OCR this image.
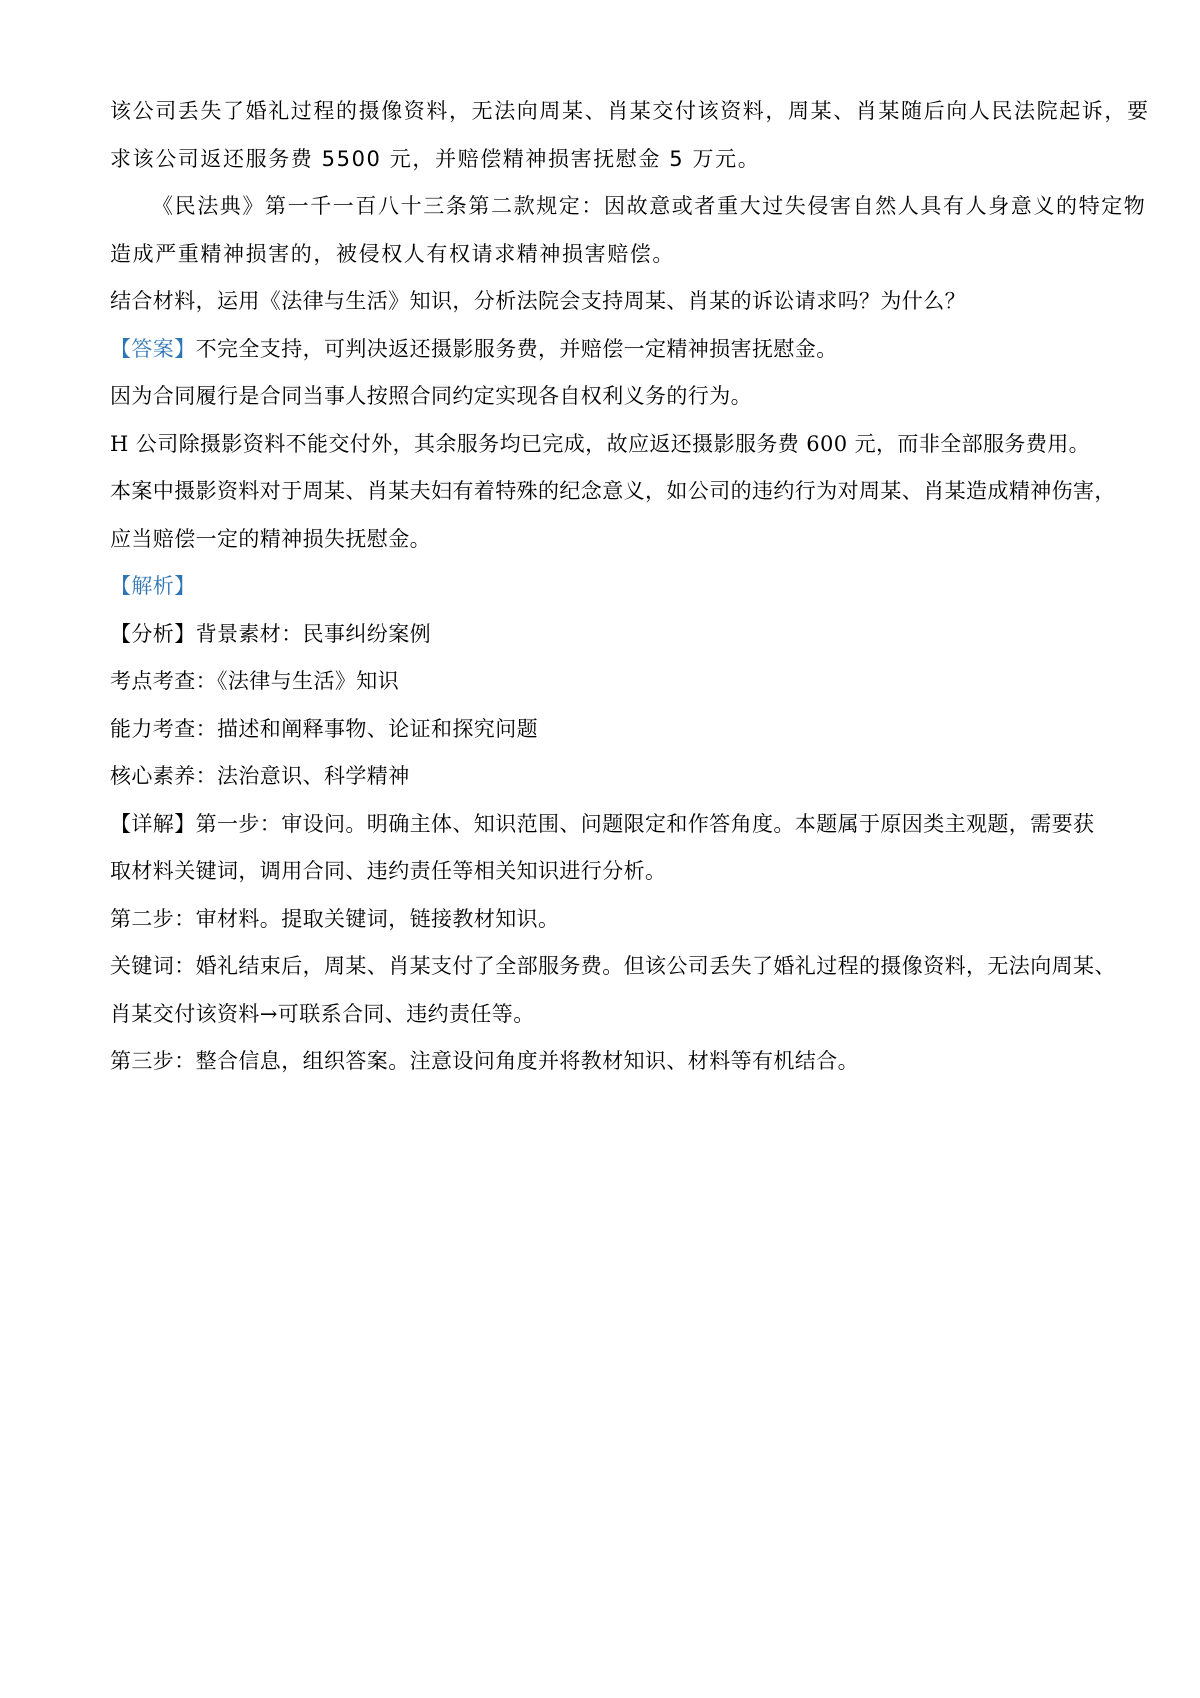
该公司丢失了婚礼过程的摄像资料，无法向周某、肖某交付该资料，周某、肖某随后向人民法院起诉，要
求该公司返还服务费 5500 元，并赔偿精神损害抚慰金 5 万元。
《民法典》第一千一百八十三条第二款规定：因故意或者重大过失侵害自然人具有人身意义的特定物
造成严重精神损害的，被侵权人有权请求精神损害赔偿。
结合材料，运用《法律与生活》知识，分析法院会支持周某、肖某的诉讼请求吗？为什么？
【答案】不完全支持，可判决返还摄影服务费，并赔偿一定精神损害抚慰金。
因为合同履行是合同当事人按照合同约定实现各自权利义务的行为。
H 公司除摄影资料不能交付外，其余服务均已完成，故应返还摄影服务费 600 元，而非全部服务费用。
本案中摄影资料对于周某、肖某夫妇有着特殊的纪念意义，如公司的违约行为对周某、肖某造成精神伤害，
应当赔偿一定的精神损失抚慰金。
【解析】
【分析】背景素材：民事纠纷案例
考点考查：《法律与生活》知识
能力考查：描述和阐释事物、论证和探究问题
核心素养：法治意识、科学精神
【详解】第一步：审设问。明确主体、知识范围、问题限定和作答角度。本题属于原因类主观题，需要获
取材料关键词，调用合同、违约责任等相关知识进行分析。
第二步：审材料。提取关键词，链接教材知识。
关键词：婚礼结束后，周某、肖某支付了全部服务费。但该公司丢失了婚礼过程的摄像资料，无法向周某、
肖某交付该资料→可联系合同、违约责任等。
第三步：整合信息，组织答案。注意设问角度并将教材知识、材料等有机结合。
